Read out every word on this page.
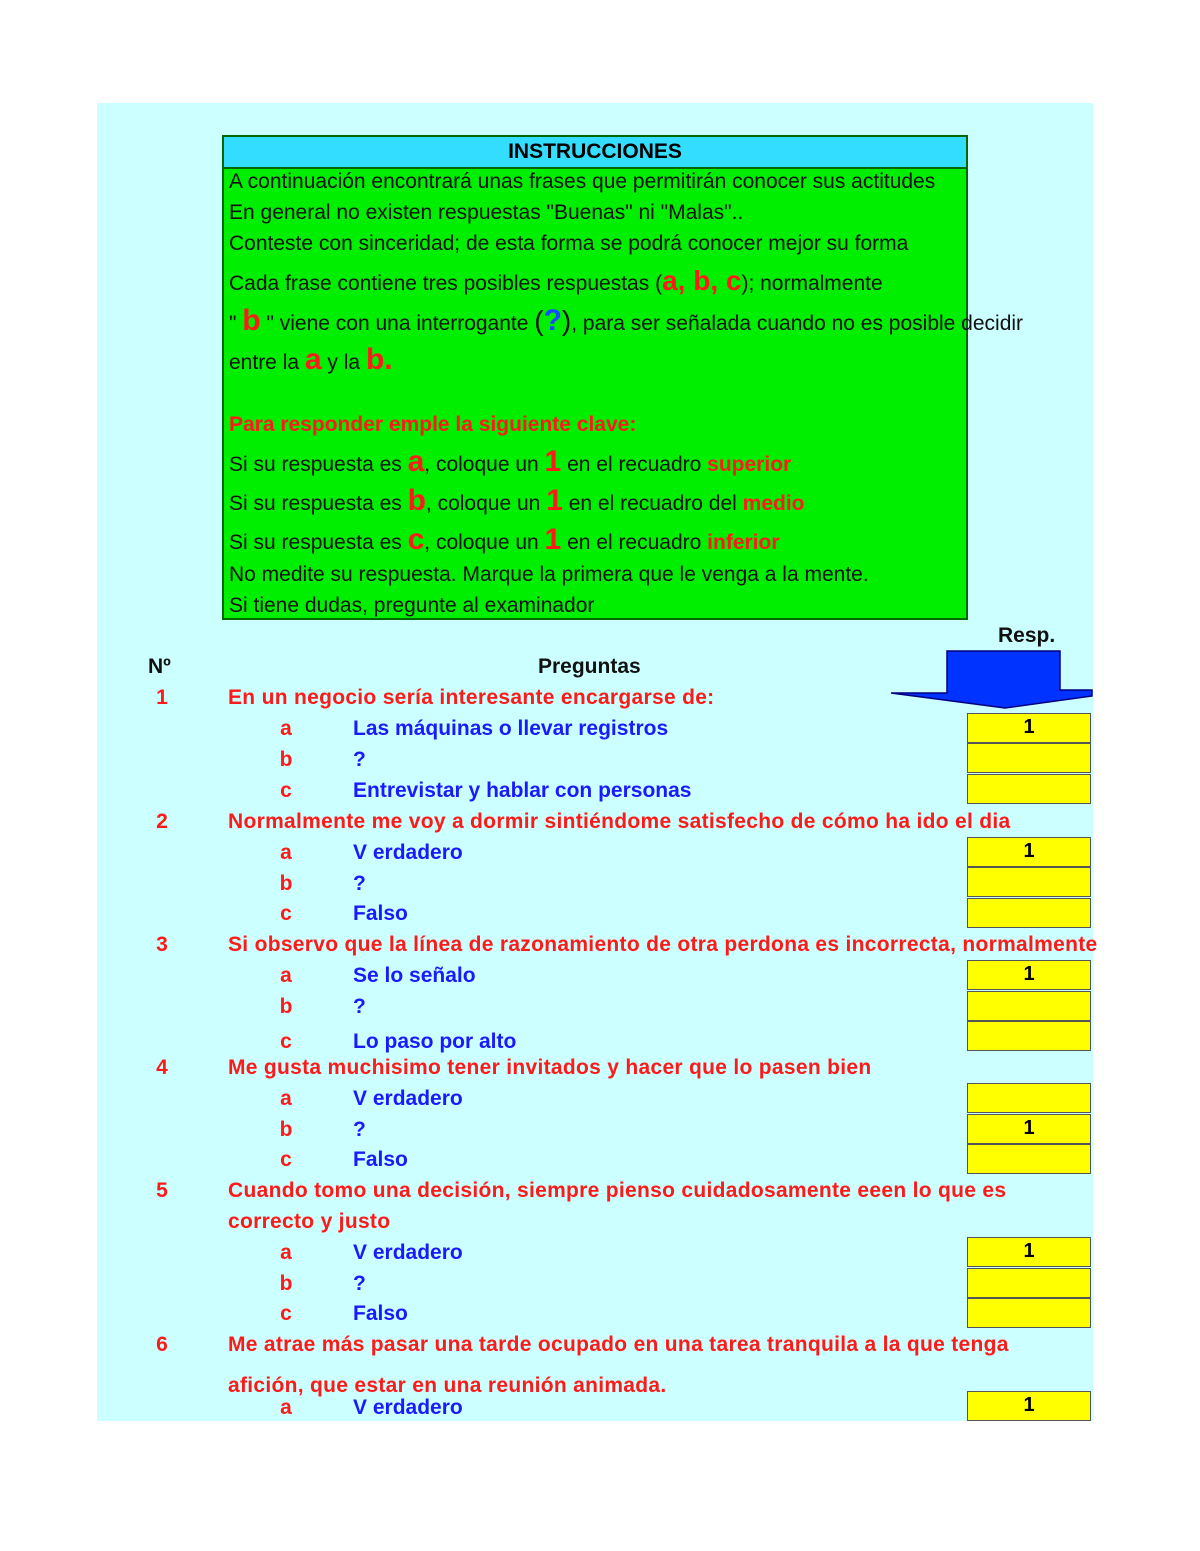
INSTRUCCIONES
A continuación encontrará unas frases que permitirán conocer sus actitudes
En general no existen respuestas "Buenas" ni "Malas"..
Conteste con sinceridad; de esta forma se podrá conocer mejor su forma
Cada frase contiene tres posibles respuestas (a, b, c); normalmente
" b " viene con una interrogante (?), para ser señalada cuando no es posible decidir
entre la a y la b.
Para responder emple la siguiente clave:
Si su respuesta es a, coloque un 1 en el recuadro superior
Si su respuesta es b, coloque un 1 en el recuadro del medio
Si su respuesta es c, coloque un 1 en el recuadro inferior
No medite su respuesta. Marque la primera que le venga a la mente.
Si tiene dudas, pregunte al examinador
Resp.
Nº	Preguntas
1	En un negocio sería interesante encargarse de:
a	Las máquinas o llevar registros	1
b	?
c	Entrevistar y hablar con personas
2	Normalmente me voy a dormir sintiéndome satisfecho de cómo ha ido el dia
a	V erdadero	1
b	?
c	Falso
3	Si observo que la línea de razonamiento de otra perdona es incorrecta, normalmente
a	Se lo señalo	1
b	?
c	Lo paso por alto
4	Me gusta muchisimo tener invitados y hacer que lo pasen bien
a	V erdadero
b	?	1
c	Falso
5	Cuando tomo una decisión, siempre pienso cuidadosamente eeen lo que es
correcto y justo
a	V erdadero	1
b	?
c	Falso
6	Me atrae más pasar una tarde ocupado en una tarea tranquila a la que tenga
afición, que estar en una reunión animada.
a	V erdadero	1
